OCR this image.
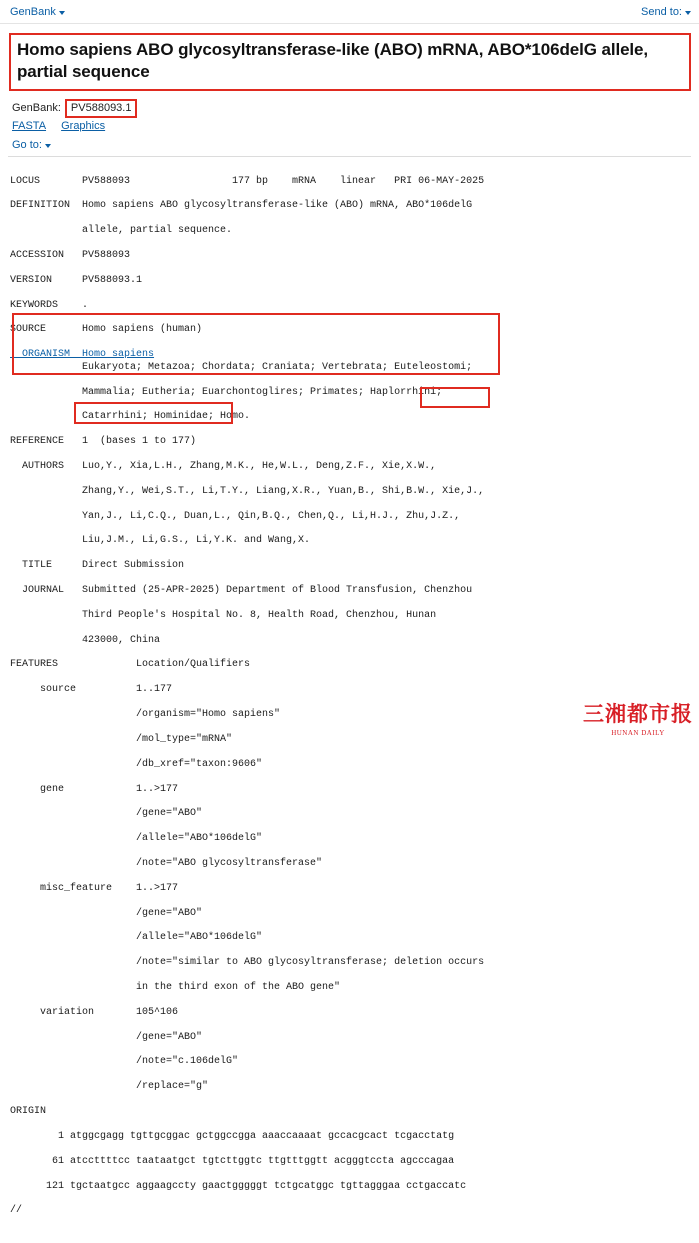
GenBank	Send to:
Homo sapiens ABO glycosyltransferase-like (ABO) mRNA, ABO*106delG allele, partial sequence
GenBank: PV588093.1
FASTA Graphics
Go to:

LOCUS       PV588093                 177 bp    mRNA    linear   PRI 06-MAY-2025

DEFINITION  Homo sapiens ABO glycosyltransferase-like (ABO) mRNA, ABO*106delG

allele, partial sequence.

ACCESSION   PV588093

VERSION     PV588093.1

KEYWORDS    .

SOURCE      Homo sapiens (human)

ORGANISM  Homo sapiens

Eukaryota; Metazoa; Chordata; Craniata; Vertebrata; Euteleostomi;

Mammalia; Eutheria; Euarchontoglires; Primates; Haplorrhini;

Catarrhini; Hominidae; Homo.

REFERENCE   1  (bases 1 to 177)

AUTHORS   Luo,Y., Xia,L.H., Zhang,M.K., He,W.L., Deng,Z.F., Xie,X.W.,

Zhang,Y., Wei,S.T., Li,T.Y., Liang,X.R., Yuan,B., Shi,B.W., Xie,J.,

Yan,J., Li,C.Q., Duan,L., Qin,B.Q., Chen,Q., Li,H.J., Zhu,J.Z.,

Liu,J.M., Li,G.S., Li,Y.K. and Wang,X.

TITLE     Direct Submission

JOURNAL   Submitted (25-APR-2025) Department of Blood Transfusion, Chenzhou

Third People's Hospital No. 8, Health Road, Chenzhou, Hunan

423000, China

FEATURES             Location/Qualifiers

source          1..177

/organism="Homo sapiens"

/mol_type="mRNA"

/db_xref="taxon:9606"

gene            1..>177

/gene="ABO"

/allele="ABO*106delG"

/note="ABO glycosyltransferase"

misc_feature    1..>177

/gene="ABO"

/allele="ABO*106delG"

/note="similar to ABO glycosyltransferase; deletion occurs

in the third exon of the ABO gene"

variation       105^106

/gene="ABO"

/note="c.106delG"

/replace="g"

ORIGIN

1 atggcgagg tgttgcggac gctggccgga aaaccaaaat gccacgcact tcgacctatg

61 atccttttcc taataatgct tgtcttggtc ttgtttggtt acgggtcctа agcccagaa

121 tgctaatgcc aggaagccty gaactgggggt tctgcatggc tgttagggaa cctgaccatc

//

三湘都市报
HUNAN DAILY
